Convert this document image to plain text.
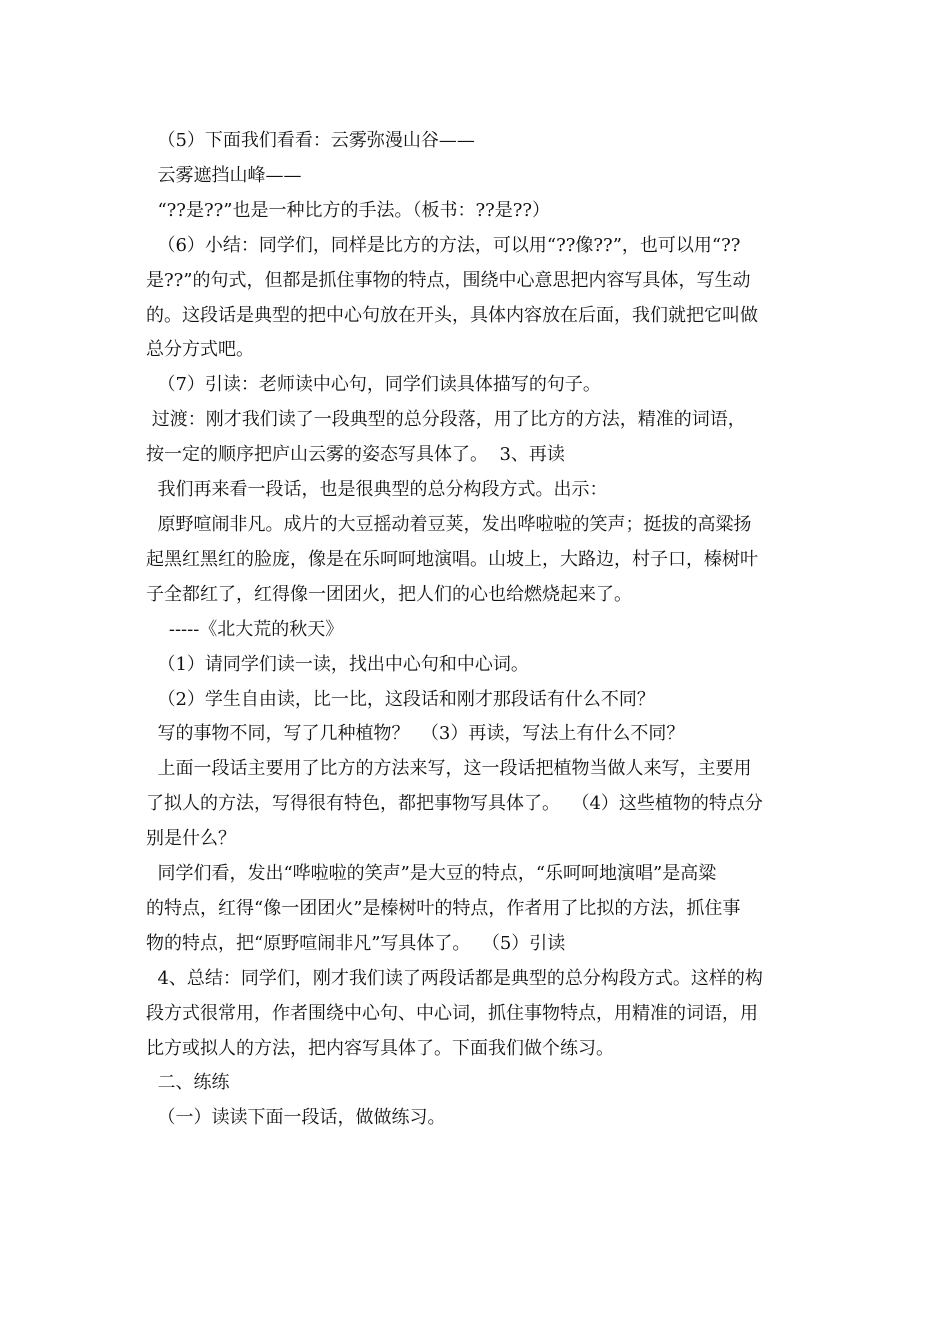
（5）下面我们看看：云雾弥漫山谷——

云雾遮挡山峰——

“??是??”也是一种比方的手法。（板书：??是??）

（6）小结：同学们，同样是比方的方法，可以用“??像??”，也可以用“??

是??”的句式，但都是抓住事物的特点，围绕中心意思把内容写具体，写生动

的。这段话是典型的把中心句放在开头，具体内容放在后面，我们就把它叫做

总分方式吧。

（7）引读：老师读中心句，同学们读具体描写的句子。

过渡：刚才我们读了一段典型的总分段落，用了比方的方法，精准的词语，

按一定的顺序把庐山云雾的姿态写具体了。  3、再读

我们再来看一段话，也是很典型的总分构段方式。出示：

原野喧闹非凡。成片的大豆摇动着豆荚，发出哗啦啦的笑声；挺拔的高粱扬

起黑红黑红的脸庞，像是在乐呵呵地演唱。山坡上，大路边，村子口，榛树叶

子全都红了，红得像一团团火，把人们的心也给燃烧起来了。

-----《北大荒的秋天》

（1）请同学们读一读，找出中心句和中心词。

（2）学生自由读，比一比，这段话和刚才那段话有什么不同？

写的事物不同，写了几种植物？  （3）再读，写法上有什么不同？

上面一段话主要用了比方的方法来写，这一段话把植物当做人来写，主要用

了拟人的方法，写得很有特色，都把事物写具体了。  （4）这些植物的特点分

别是什么？

同学们看，发出“哗啦啦的笑声”是大豆的特点，“乐呵呵地演唱”是高粱

的特点，红得“像一团团火”是榛树叶的特点，作者用了比拟的方法，抓住事

物的特点，把“原野喧闹非凡”写具体了。  （5）引读

4、总结：同学们，刚才我们读了两段话都是典型的总分构段方式。这样的构

段方式很常用，作者围绕中心句、中心词，抓住事物特点，用精准的词语，用

比方或拟人的方法，把内容写具体了。下面我们做个练习。

二、练练

（一）读读下面一段话，做做练习。
